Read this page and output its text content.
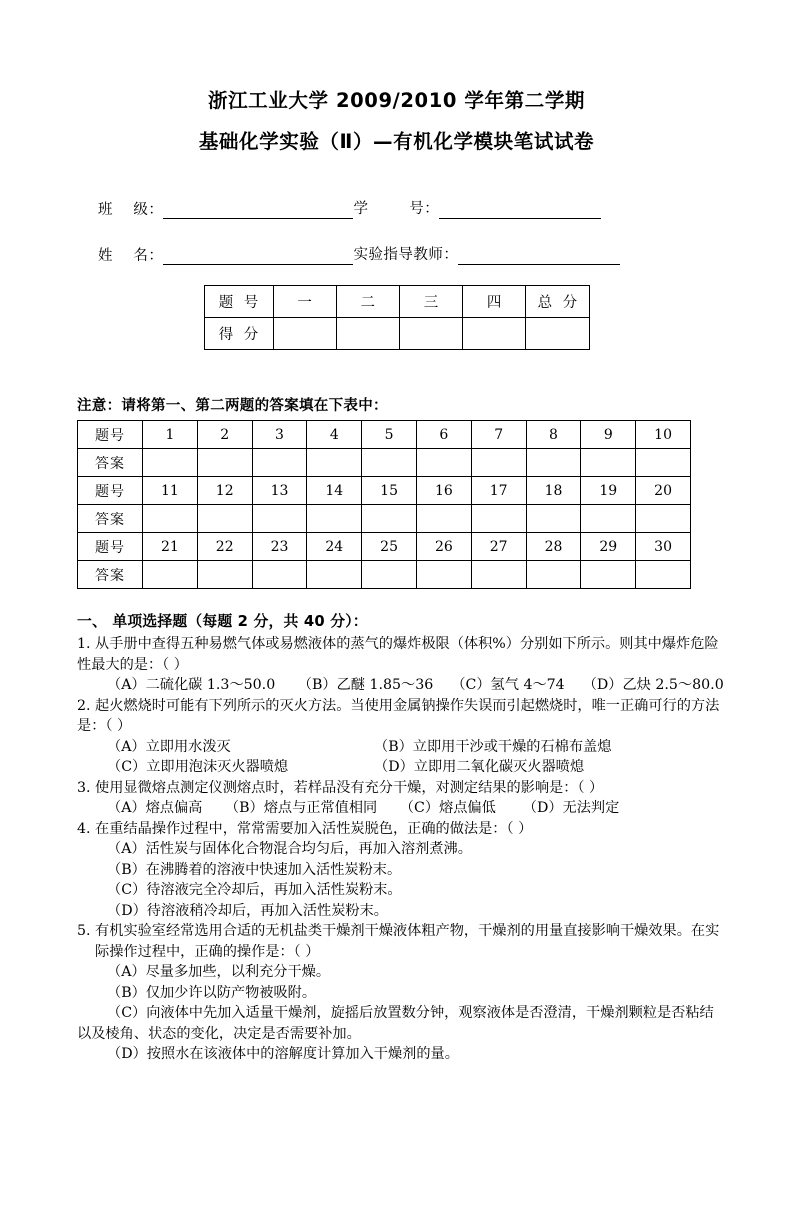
浙江工业大学 2009/2010 学年第二学期
基础化学实验（Ⅱ）—有机化学模块笔试试卷
班    级：	学        号：
姓    名：	实验指导教师：
题 号	一	二	三	四	总 分
得 分					
注意：请将第一、第二两题的答案填在下表中：
题号	1	2	3	4	5	6	7	8	9	10
答案										
题号	11	12	13	14	15	16	17	18	19	20
答案										
题号	21	22	23	24	25	26	27	28	29	30
答案										
一、 单项选择题（每题 2 分，共 40 分）：
1. 从手册中查得五种易燃气体或易燃液体的蒸气的爆炸极限（体积%）分别如下所示。则其中爆炸危险
性最大的是：（ ）
（A）二硫化碳 1.3～50.0     （B）乙醚 1.85～36    （C）氢气 4～74    （D）乙炔 2.5～80.0
2. 起火燃烧时可能有下列所示的灭火方法。当使用金属钠操作失误而引起燃烧时，唯一正确可行的方法
是：（ ）
（A）立即用水泼灭	（B）立即用干沙或干燥的石棉布盖熄
（C）立即用泡沫灭火器喷熄	（D）立即用二氧化碳灭火器喷熄
3. 使用显微熔点测定仪测熔点时，若样品没有充分干燥，对测定结果的影响是：（ ）
（A）熔点偏高     （B）熔点与正常值相同     （C）熔点偏低      （D）无法判定
4. 在重结晶操作过程中，常常需要加入活性炭脱色，正确的做法是：（ ）
（A）活性炭与固体化合物混合均匀后，再加入溶剂煮沸。
（B）在沸腾着的溶液中快速加入活性炭粉末。
（C）待溶液完全冷却后，再加入活性炭粉末。
（D）待溶液稍冷却后，再加入活性炭粉末。
5. 有机实验室经常选用合适的无机盐类干燥剂干燥液体粗产物，干燥剂的用量直接影响干燥效果。在实
际操作过程中，正确的操作是：（ ）
（A）尽量多加些，以利充分干燥。
（B）仅加少许以防产物被吸附。
（C）向液体中先加入适量干燥剂，旋摇后放置数分钟，观察液体是否澄清，干燥剂颗粒是否粘结
以及棱角、状态的变化，决定是否需要补加。
（D）按照水在该液体中的溶解度计算加入干燥剂的量。
